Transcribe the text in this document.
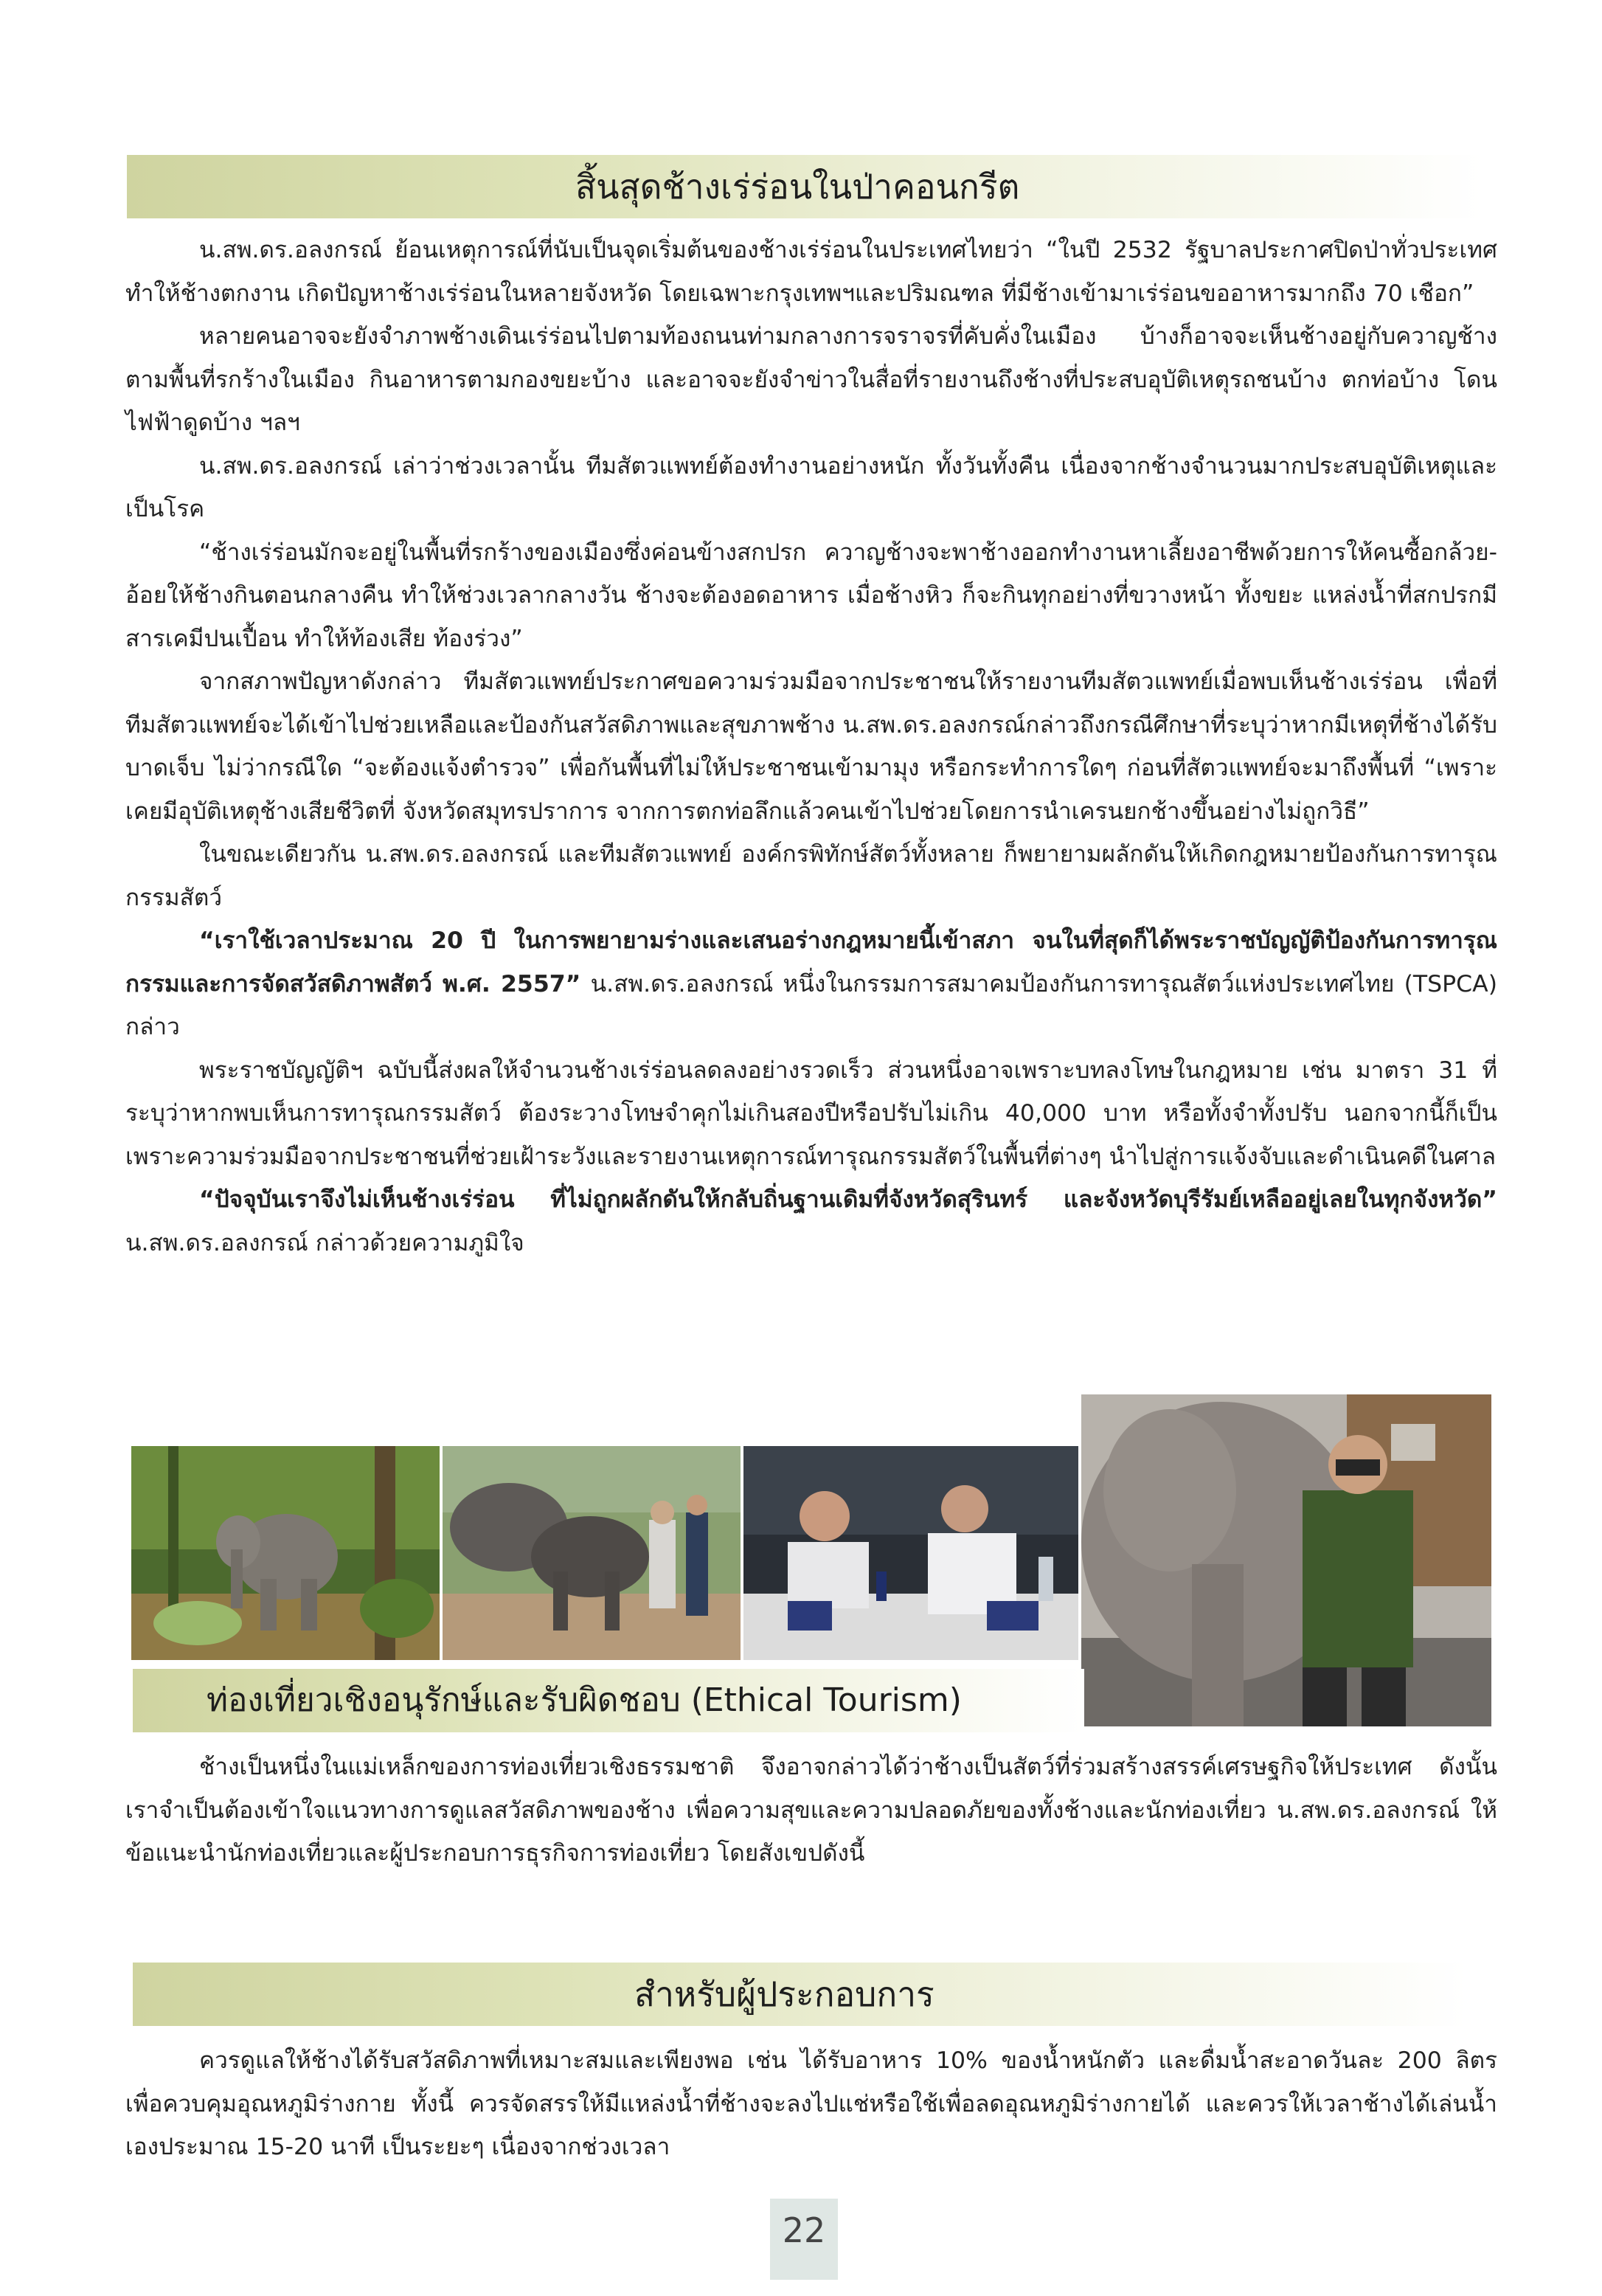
สิ้นสุดช้างเร่ร่อนในป่าคอนกรีต

น.สพ.ดร.อลงกรณ์ ย้อนเหตุการณ์ที่นับเป็นจุดเริ่มต้นของช้างเร่ร่อนในประเทศไทยว่า “ในปี 2532 รัฐบาลประกาศปิดป่าทั่วประเทศ ทำให้ช้างตกงาน เกิดปัญหาช้างเร่ร่อนในหลายจังหวัด โดยเฉพาะกรุงเทพฯและปริมณฑล ที่มีช้างเข้ามาเร่ร่อนขออาหารมากถึง 70 เชือก”

หลายคนอาจจะยังจำภาพช้างเดินเร่ร่อนไปตามท้องถนนท่ามกลางการจราจรที่คับคั่งในเมือง บ้างก็อาจจะเห็นช้างอยู่กับควาญช้างตามพื้นที่รกร้างในเมือง กินอาหารตามกองขยะบ้าง และอาจจะยังจำข่าวในสื่อที่รายงานถึงช้างที่ประสบอุบัติเหตุรถชนบ้าง ตกท่อบ้าง โดนไฟฟ้าดูดบ้าง ฯลฯ

น.สพ.ดร.อลงกรณ์ เล่าว่าช่วงเวลานั้น ทีมสัตวแพทย์ต้องทำงานอย่างหนัก ทั้งวันทั้งคืน เนื่องจากช้างจำนวนมากประสบอุบัติเหตุและเป็นโรค

“ช้างเร่ร่อนมักจะอยู่ในพื้นที่รกร้างของเมืองซึ่งค่อนข้างสกปรก ควาญช้างจะพาช้างออกทำงานหาเลี้ยงอาชีพด้วยการให้คนซื้อกล้วย-อ้อยให้ช้างกินตอนกลางคืน ทำให้ช่วงเวลากลางวัน ช้างจะต้องอดอาหาร เมื่อช้างหิว ก็จะกินทุกอย่างที่ขวางหน้า ทั้งขยะ แหล่งน้ำที่สกปรกมีสารเคมีปนเปื้อน ทำให้ท้องเสีย ท้องร่วง”

จากสภาพปัญหาดังกล่าว ทีมสัตวแพทย์ประกาศขอความร่วมมือจากประชาชนให้รายงานทีมสัตวแพทย์เมื่อพบเห็นช้างเร่ร่อน เพื่อที่ทีมสัตวแพทย์จะได้เข้าไปช่วยเหลือและป้องกันสวัสดิภาพและสุขภาพช้าง น.สพ.ดร.อลงกรณ์กล่าวถึงกรณีศึกษาที่ระบุว่าหากมีเหตุที่ช้างได้รับบาดเจ็บ ไม่ว่ากรณีใด “จะต้องแจ้งตำรวจ” เพื่อกันพื้นที่ไม่ให้ประชาชนเข้ามามุง หรือกระทำการใดๆ ก่อนที่สัตวแพทย์จะมาถึงพื้นที่ “เพราะเคยมีอุบัติเหตุช้างเสียชีวิตที่ จังหวัดสมุทรปราการ จากการตกท่อลึกแล้วคนเข้าไปช่วยโดยการนำเครนยกช้างขึ้นอย่างไม่ถูกวิธี”

ในขณะเดียวกัน น.สพ.ดร.อลงกรณ์ และทีมสัตวแพทย์ องค์กรพิทักษ์สัตว์ทั้งหลาย ก็พยายามผลักดันให้เกิดกฎหมายป้องกันการทารุณกรรมสัตว์

“เราใช้เวลาประมาณ 20 ปี ในการพยายามร่างและเสนอร่างกฎหมายนี้เข้าสภา จนในที่สุดก็ได้พระราชบัญญัติป้องกันการทารุณกรรมและการจัดสวัสดิภาพสัตว์ พ.ศ. 2557” น.สพ.ดร.อลงกรณ์ หนึ่งในกรรมการสมาคมป้องกันการทารุณสัตว์แห่งประเทศไทย (TSPCA) กล่าว

พระราชบัญญัติฯ ฉบับนี้ส่งผลให้จำนวนช้างเร่ร่อนลดลงอย่างรวดเร็ว ส่วนหนึ่งอาจเพราะบทลงโทษในกฎหมาย เช่น มาตรา 31 ที่ระบุว่าหากพบเห็นการทารุณกรรมสัตว์ ต้องระวางโทษจำคุกไม่เกินสองปีหรือปรับไม่เกิน 40,000 บาท หรือทั้งจำทั้งปรับ นอกจากนี้ก็เป็นเพราะความร่วมมือจากประชาชนที่ช่วยเฝ้าระวังและรายงานเหตุการณ์ทารุณกรรมสัตว์ในพื้นที่ต่างๆ นำไปสู่การแจ้งจับและดำเนินคดีในศาล

“ปัจจุบันเราจึงไม่เห็นช้างเร่ร่อน ที่ไม่ถูกผลักดันให้กลับถิ่นฐานเดิมที่จังหวัดสุรินทร์ และจังหวัดบุรีรัมย์เหลืออยู่เลยในทุกจังหวัด” น.สพ.ดร.อลงกรณ์ กล่าวด้วยความภูมิใจ

ท่องเที่ยวเชิงอนุรักษ์และรับผิดชอบ (Ethical Tourism)

ช้างเป็นหนึ่งในแม่เหล็กของการท่องเที่ยวเชิงธรรมชาติ จึงอาจกล่าวได้ว่าช้างเป็นสัตว์ที่ร่วมสร้างสรรค์เศรษฐกิจให้ประเทศ ดังนั้น เราจำเป็นต้องเข้าใจแนวทางการดูแลสวัสดิภาพของช้าง เพื่อความสุขและความปลอดภัยของทั้งช้างและนักท่องเที่ยว น.สพ.ดร.อลงกรณ์ ให้ข้อแนะนำนักท่องเที่ยวและผู้ประกอบการธุรกิจการท่องเที่ยว โดยสังเขปดังนี้

สำหรับผู้ประกอบการ

ควรดูแลให้ช้างได้รับสวัสดิภาพที่เหมาะสมและเพียงพอ เช่น ได้รับอาหาร 10% ของน้ำหนักตัว และดื่มน้ำสะอาดวันละ 200 ลิตร เพื่อควบคุมอุณหภูมิร่างกาย ทั้งนี้ ควรจัดสรรให้มีแหล่งน้ำที่ช้างจะลงไปแช่หรือใช้เพื่อลดอุณหภูมิร่างกายได้ และควรให้เวลาช้างได้เล่นน้ำเองประมาณ 15-20 นาที เป็นระยะๆ เนื่องจากช่วงเวลา

22
